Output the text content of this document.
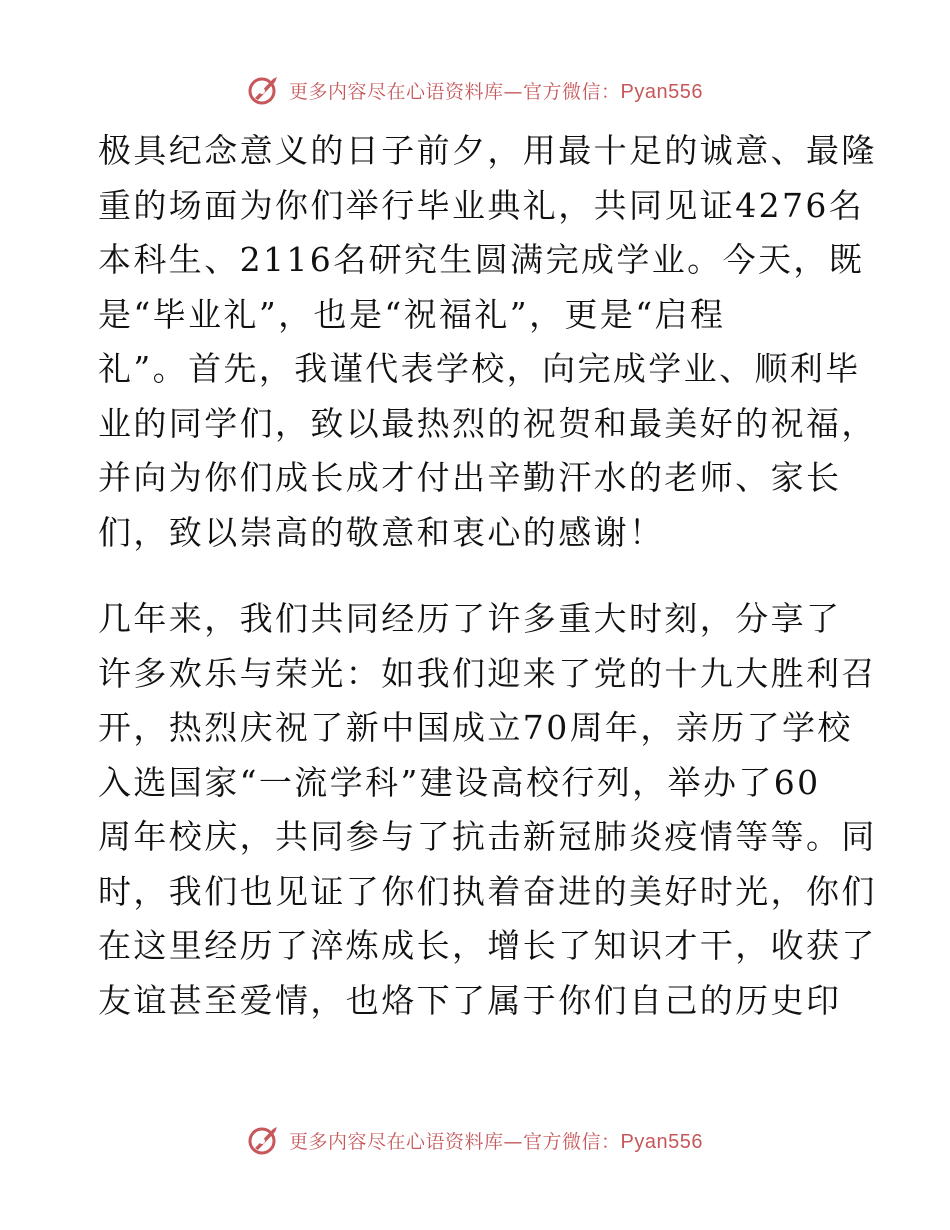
更多内容尽在心语资料库—官方微信：Pyan556

极具纪念意义的日子前夕，用最十足的诚意、最隆
重的场面为你们举行毕业典礼，共同见证4276名
本科生、2116名研究生圆满完成学业。今天，既
是“毕业礼”，也是“祝福礼”，更是“启程
礼”。首先，我谨代表学校，向完成学业、顺利毕
业的同学们，致以最热烈的祝贺和最美好的祝福，
并向为你们成长成才付出辛勤汗水的老师、家长
们，致以崇高的敬意和衷心的感谢！

几年来，我们共同经历了许多重大时刻，分享了
许多欢乐与荣光：如我们迎来了党的十九大胜利召
开，热烈庆祝了新中国成立70周年，亲历了学校
入选国家“一流学科”建设高校行列，举办了60
周年校庆，共同参与了抗击新冠肺炎疫情等等。同
时，我们也见证了你们执着奋进的美好时光，你们
在这里经历了淬炼成长，增长了知识才干，收获了
友谊甚至爱情，也烙下了属于你们自己的历史印

更多内容尽在心语资料库—官方微信：Pyan556
